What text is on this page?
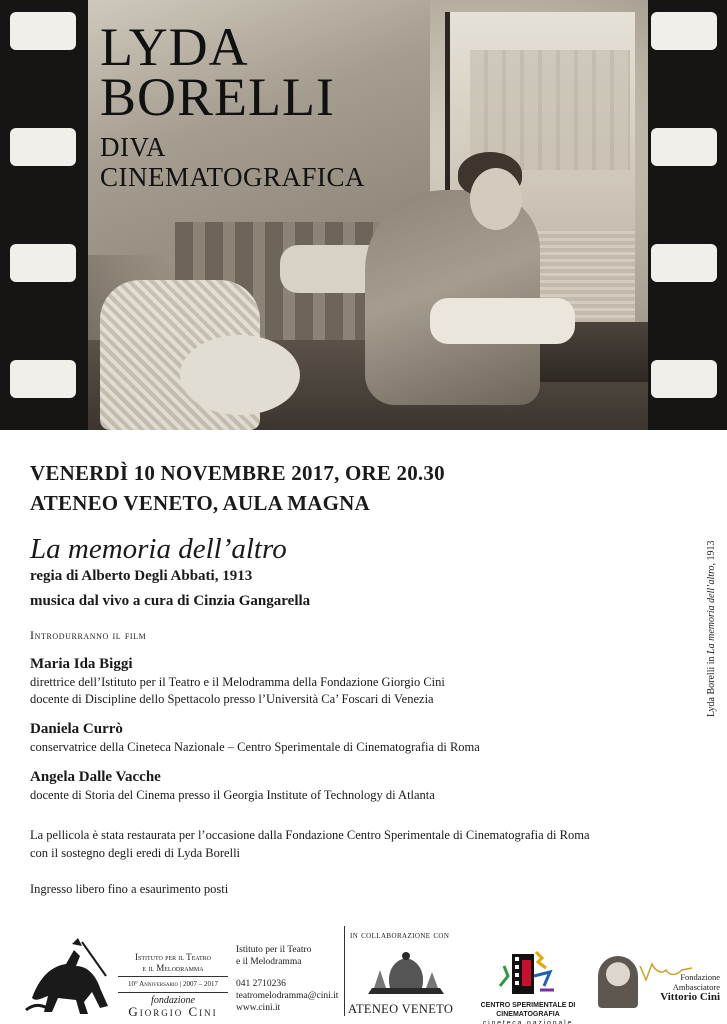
LYDA
BORELLI
DIVA
CINEMATOGRAFICA
VENERDÌ 10 NOVEMBRE 2017, ORE 20.30
ATENEO VENETO, AULA MAGNA
La memoria dell’altro
regia di Alberto Degli Abbati, 1913
musica dal vivo a cura di Cinzia Gangarella
Introdurranno il film
Maria Ida Biggi
direttrice dell’Istituto per il Teatro e il Melodramma della Fondazione Giorgio Cini
docente di Discipline dello Spettacolo presso l’Università Ca’ Foscari di Venezia
Daniela Currò
conservatrice della Cineteca Nazionale – Centro Sperimentale di Cinematografia di Roma
Angela Dalle Vacche
docente di Storia del Cinema presso il Georgia Institute of Technology di Atlanta
La pellicola è stata restaurata per l’occasione dalla Fondazione Centro Sperimentale di Cinematografia di Roma
con il sostegno degli eredi di Lyda Borelli
Ingresso libero fino a esaurimento posti
Lyda Borelli in La memoria dell’altro, 1913
Istituto per il Teatro
e il Melodramma
10° Anniversario | 2007 – 2017
fondazione
Giorgio Cini
Istituto per il Teatro
e il Melodramma
041 2710236
teatromelodramma@cini.it
www.cini.it
in collaborazione con
ATENEO VENETO	CENTRO SPERIMENTALE DI CINEMATOGRAFIA
cineteca nazionale
Fondazione
Ambasciatore
Vittorio Cini
